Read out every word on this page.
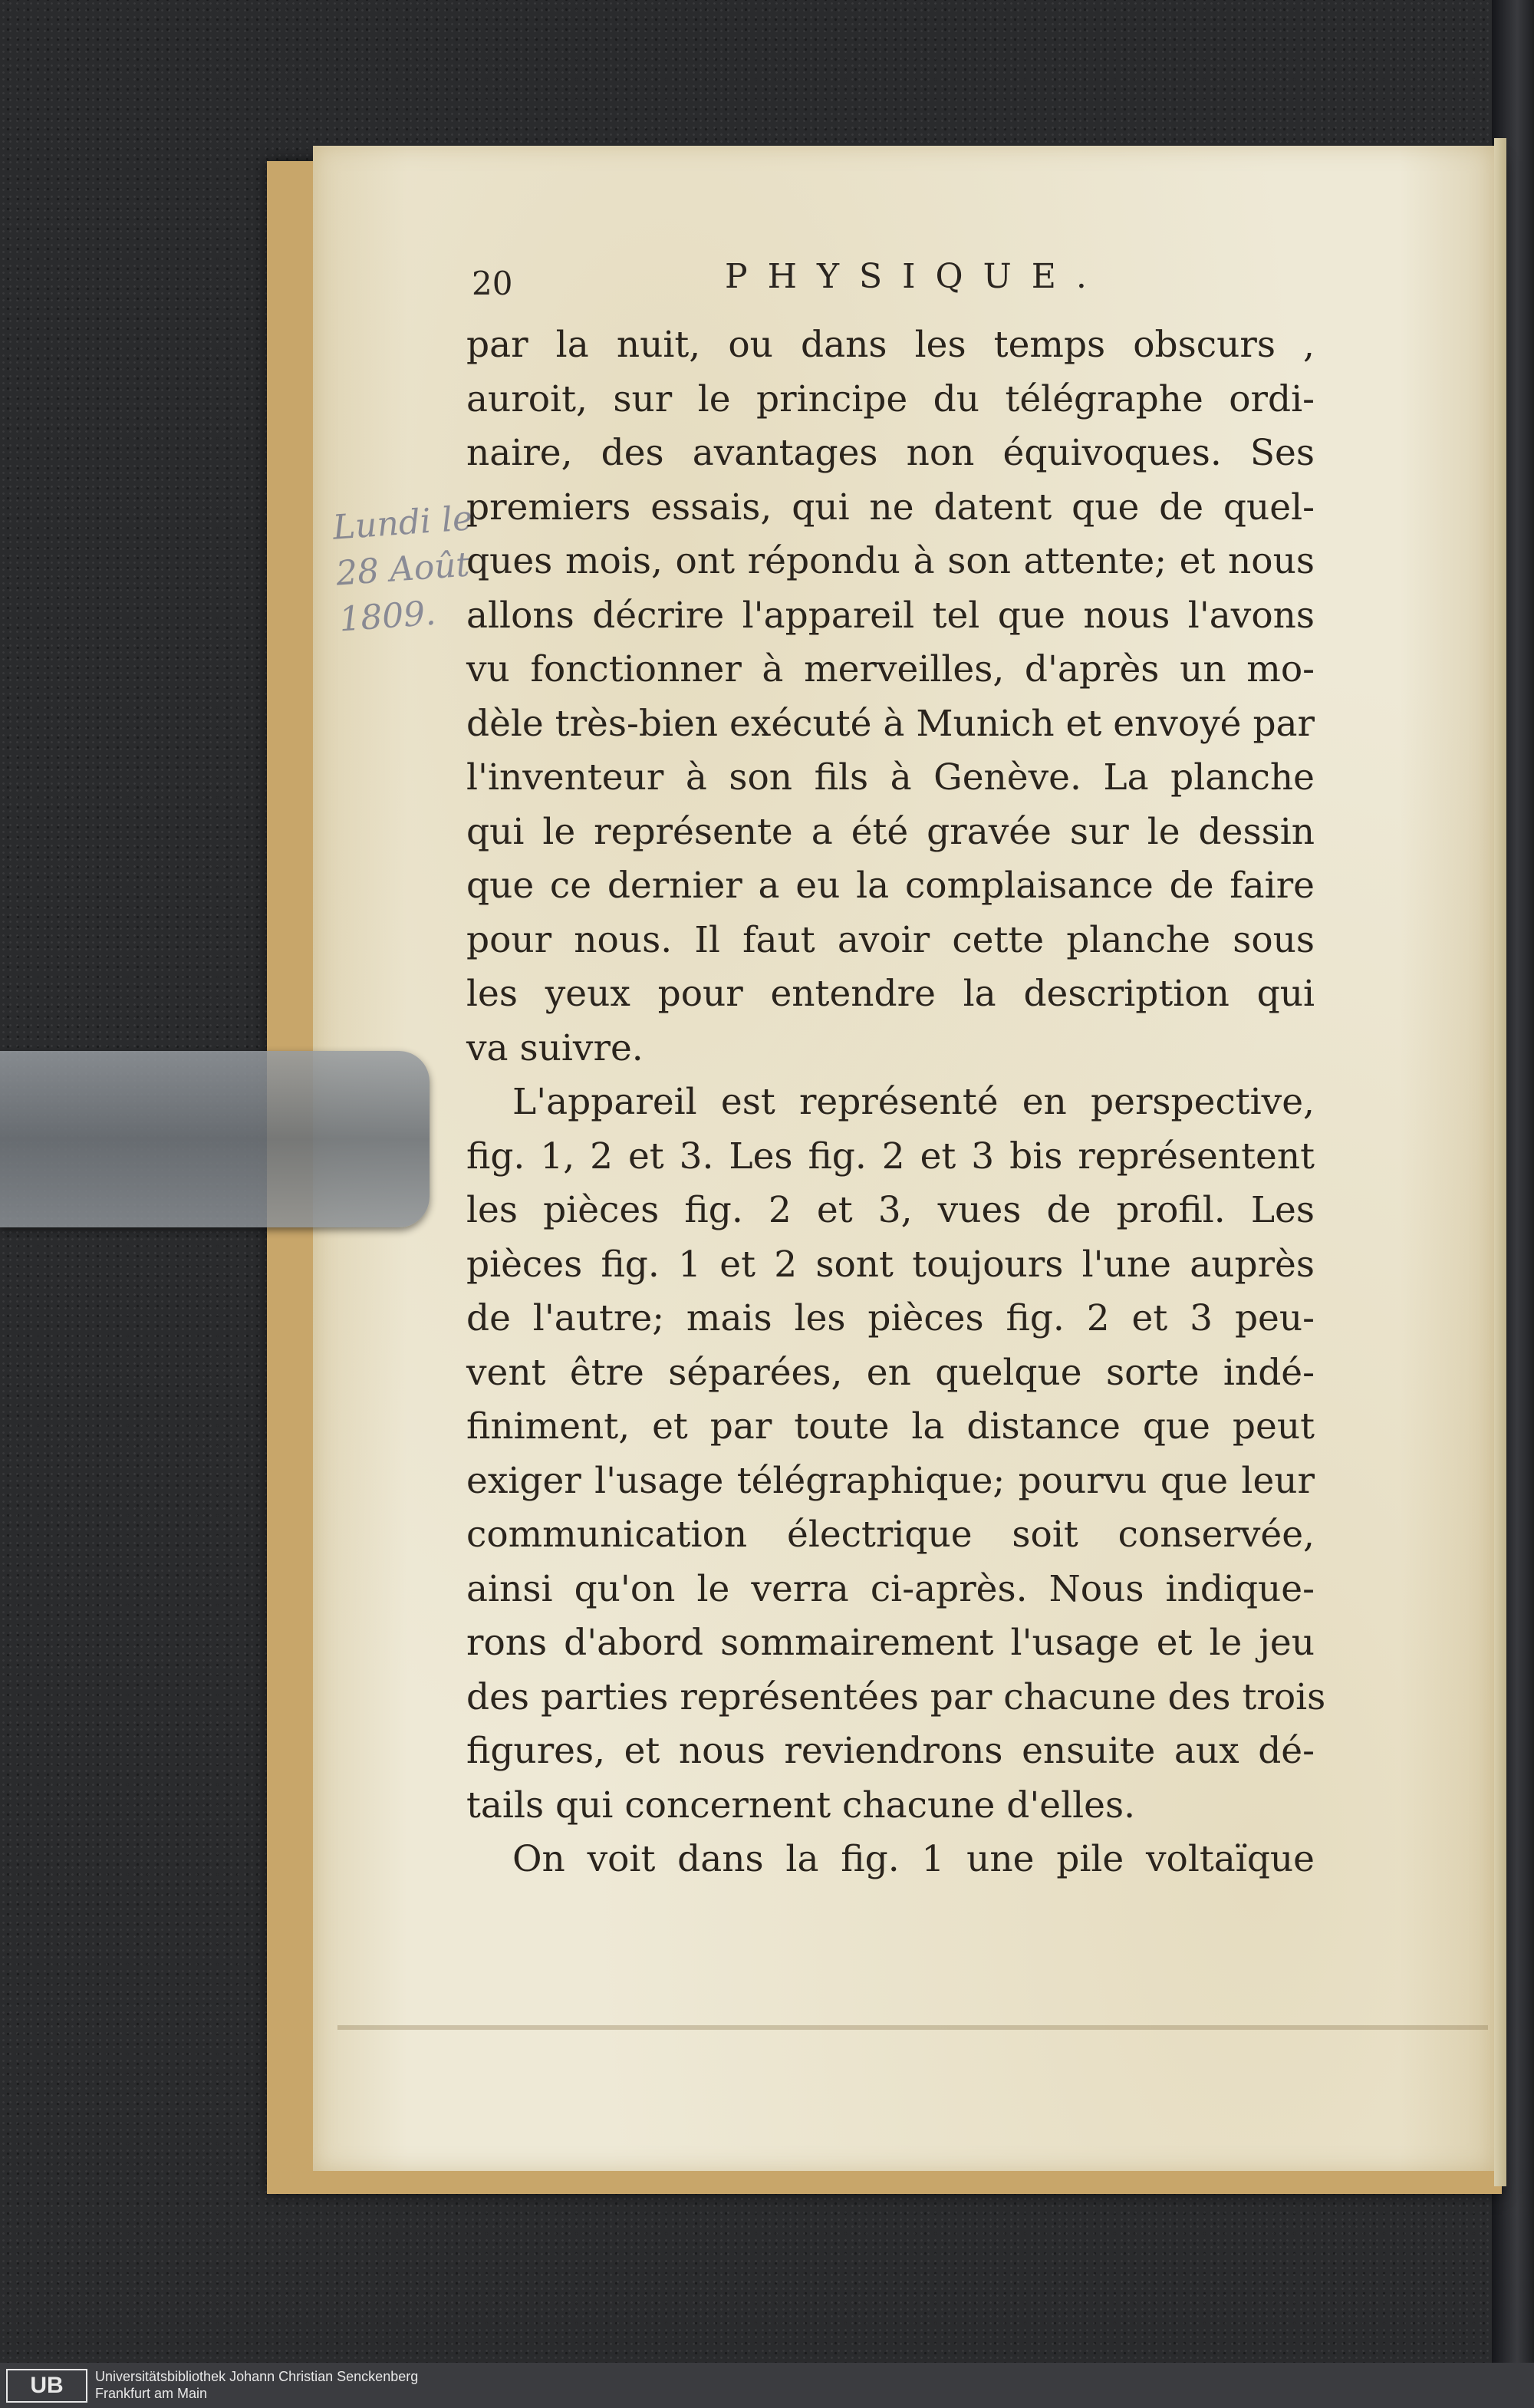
20	PHYSIQUE.
Lundi le
28 Août
1809.
par la nuit, ou dans les temps obscurs ,
auroit, sur le principe du télégraphe ordi-
naire, des avantages non équivoques. Ses
premiers essais, qui ne datent que de quel-
ques mois, ont répondu à son attente; et nous
allons décrire l'appareil tel que nous l'avons
vu fonctionner à merveilles, d'après un mo-
dèle très-bien exécuté à Munich et envoyé par
l'inventeur à son fils à Genève. La planche
qui le représente a été gravée sur le dessin
que ce dernier a eu la complaisance de faire
pour nous. Il faut avoir cette planche sous
les yeux pour entendre la description qui
va suivre.
L'appareil est représenté en perspective,
fig. 1, 2 et 3. Les fig. 2 et 3 bis représentent
les pièces fig. 2 et 3, vues de profil. Les
pièces fig. 1 et 2 sont toujours l'une auprès
de l'autre; mais les pièces fig. 2 et 3 peu-
vent être séparées, en quelque sorte indé-
finiment, et par toute la distance que peut
exiger l'usage télégraphique; pourvu que leur
communication électrique soit conservée,
ainsi qu'on le verra ci-après. Nous indique-
rons d'abord sommairement l'usage et le jeu
des parties représentées par chacune des trois
figures, et nous reviendrons ensuite aux dé-
tails qui concernent chacune d'elles.
On voit dans la fig. 1 une pile voltaïque
UB	Universitätsbibliothek Johann Christian Senckenberg
Frankfurt am Main
